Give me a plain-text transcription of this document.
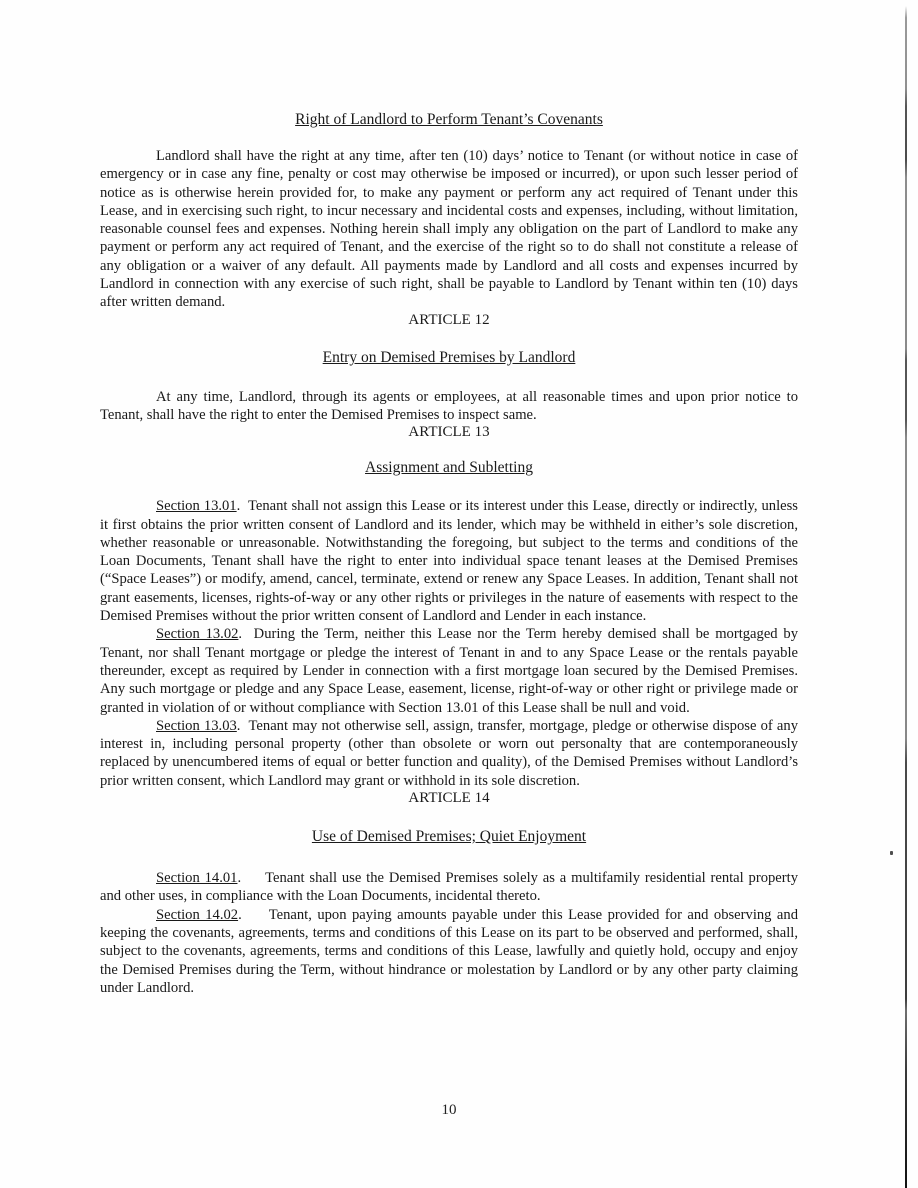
Right of Landlord to Perform Tenant’s Covenants

Landlord shall have the right at any time, after ten (10) days’ notice to Tenant (or without notice in case of emergency or in case any fine, penalty or cost may otherwise be imposed or incurred), or upon such lesser period of notice as is otherwise herein provided for, to make any payment or perform any act required of Tenant under this Lease, and in exercising such right, to incur necessary and incidental costs and expenses, including, without limitation, reasonable counsel fees and expenses. Nothing herein shall imply any obligation on the part of Landlord to make any payment or perform any act required of Tenant, and the exercise of the right so to do shall not constitute a release of any obligation or a waiver of any default. All payments made by Landlord and all costs and expenses incurred by Landlord in connection with any exercise of such right, shall be payable to Landlord by Tenant within ten (10) days after written demand.

ARTICLE 12

Entry on Demised Premises by Landlord

At any time, Landlord, through its agents or employees, at all reasonable times and upon prior notice to Tenant, shall have the right to enter the Demised Premises to inspect same.

ARTICLE 13

Assignment and Subletting

Section 13.01.  Tenant shall not assign this Lease or its interest under this Lease, directly or indirectly, unless it first obtains the prior written consent of Landlord and its lender, which may be withheld in either’s sole discretion, whether reasonable or unreasonable. Notwithstanding the foregoing, but subject to the terms and conditions of the Loan Documents, Tenant shall have the right to enter into individual space tenant leases at the Demised Premises (“Space Leases”) or modify, amend, cancel, terminate, extend or renew any Space Leases. In addition, Tenant shall not grant easements, licenses, rights-of-way or any other rights or privileges in the nature of easements with respect to the Demised Premises without the prior written consent of Landlord and Lender in each instance.

Section 13.02.  During the Term, neither this Lease nor the Term hereby demised shall be mortgaged by Tenant, nor shall Tenant mortgage or pledge the interest of Tenant in and to any Space Lease or the rentals payable thereunder, except as required by Lender in connection with a first mortgage loan secured by the Demised Premises. Any such mortgage or pledge and any Space Lease, easement, license, right-of-way or other right or privilege made or granted in violation of or without compliance with Section 13.01 of this Lease shall be null and void.

Section 13.03.  Tenant may not otherwise sell, assign, transfer, mortgage, pledge or otherwise dispose of any interest in, including personal property (other than obsolete or worn out personalty that are contemporaneously replaced by unencumbered items of equal or better function and quality), of the Demised Premises without Landlord’s prior written consent, which Landlord may grant or withhold in its sole discretion.

ARTICLE 14

Use of Demised Premises; Quiet Enjoyment

Section 14.01.     Tenant shall use the Demised Premises solely as a multifamily residential rental property and other uses, in compliance with the Loan Documents, incidental thereto.

Section 14.02.     Tenant, upon paying amounts payable under this Lease provided for and observing and keeping the covenants, agreements, terms and conditions of this Lease on its part to be observed and performed, shall, subject to the covenants, agreements, terms and conditions of this Lease, lawfully and quietly hold, occupy and enjoy the Demised Premises during the Term, without hindrance or molestation by Landlord or by any other party claiming under Landlord.

10
